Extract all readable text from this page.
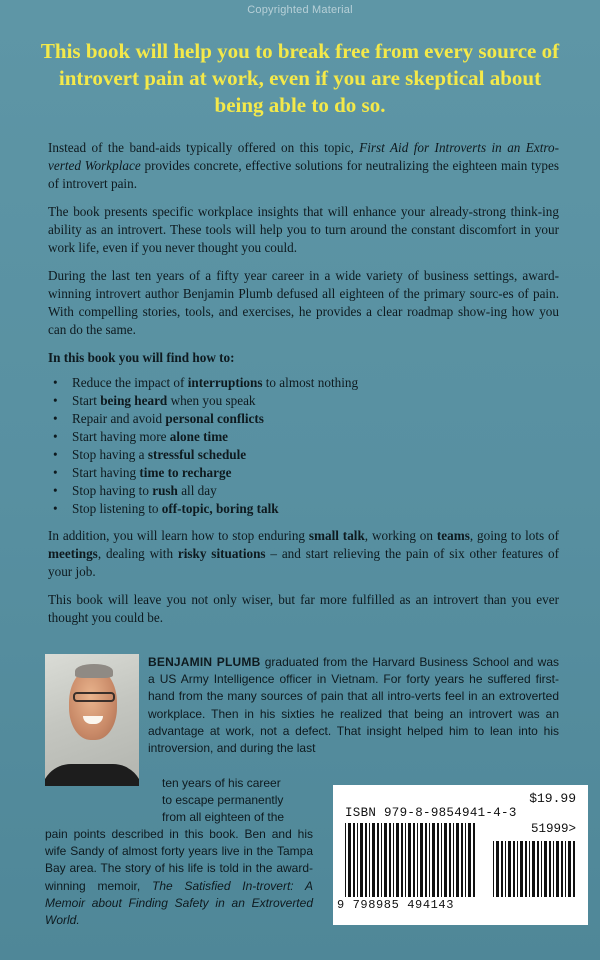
Copyrighted Material
This book will help you to break free from every source of introvert pain at work, even if you are skeptical about being able to do so.

Instead of the band-aids typically offered on this topic, First Aid for Introverts in an Extro-verted Workplace provides concrete, effective solutions for neutralizing the eighteen main types of introvert pain.

The book presents specific workplace insights that will enhance your already-strong think-ing ability as an introvert. These tools will help you to turn around the constant discomfort in your work life, even if you never thought you could.

During the last ten years of a fifty year career in a wide variety of business settings, award-winning introvert author Benjamin Plumb defused all eighteen of the primary sourc-es of pain. With compelling stories, tools, and exercises, he provides a clear roadmap show-ing how you can do the same.

In this book you will find how to:

• Reduce the impact of interruptions to almost nothing
• Start being heard when you speak
• Repair and avoid personal conflicts
• Start having more alone time
• Stop having a stressful schedule
• Start having time to recharge
• Stop having to rush all day
• Stop listening to off-topic, boring talk

In addition, you will learn how to stop enduring small talk, working on teams, going to lots of meetings, dealing with risky situations – and start relieving the pain of six other features of your job.

This book will leave you not only wiser, but far more fulfilled as an introvert than you ever thought you could be.

BENJAMIN PLUMB graduated from the Harvard Business School and was a US Army Intelligence officer in Vietnam. For forty years he suffered first-hand from the many sources of pain that all intro-verts feel in an extroverted workplace. Then in his sixties he realized that being an introvert was an advantage at work, not a defect. That insight helped him to lean into his introversion, and during the last
ten years of his career
to escape permanently
from all eighteen of the
pain points described in this book. Ben and his wife Sandy of almost forty years live in the Tampa Bay area. The story of his life is told in the award-winning memoir, The Satisfied In-trovert: A Memoir about Finding Safety in an Extroverted World.
$19.99
ISBN 979-8-9854941-4-3
51999>
9 798985 494143
